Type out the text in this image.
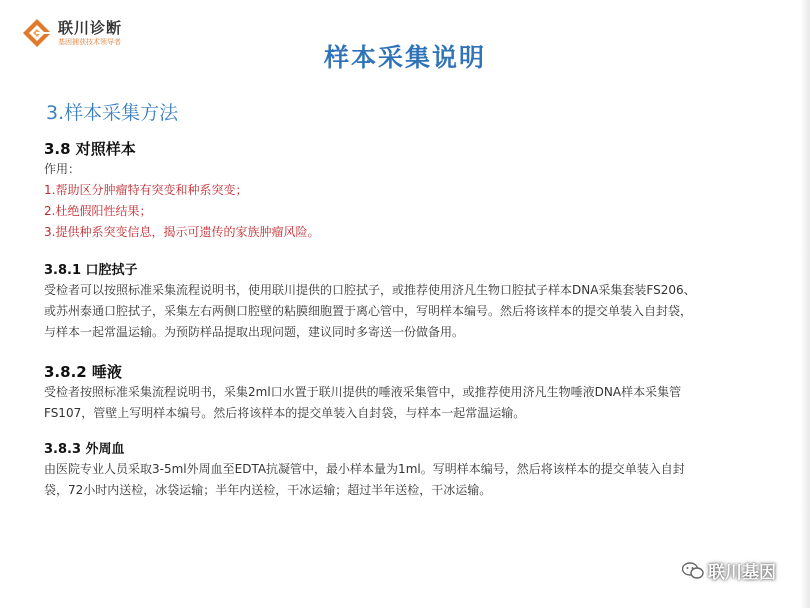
联川诊断
基因捕获技术领导者
样本采集说明
3.样本采集方法
3.8 对照样本
作用：
1.帮助区分肿瘤特有突变和种系突变；
2.杜绝假阳性结果；
3.提供种系突变信息，揭示可遗传的家族肿瘤风险。
3.8.1 口腔拭子
受检者可以按照标准采集流程说明书，使用联川提供的口腔拭子，或推荐使用济凡生物口腔拭子样本DNA采集套装FS206、
或苏州泰通口腔拭子，采集左右两侧口腔壁的粘膜细胞置于离心管中，写明样本编号。然后将该样本的提交单装入自封袋，
与样本一起常温运输。为预防样品提取出现问题，建议同时多寄送一份做备用。
3.8.2 唾液
受检者按照标准采集流程说明书，采集2ml口水置于联川提供的唾液采集管中，或推荐使用济凡生物唾液DNA样本采集管
FS107，管壁上写明样本编号。然后将该样本的提交单装入自封袋，与样本一起常温运输。
3.8.3 外周血
由医院专业人员采取3-5ml外周血至EDTA抗凝管中，最小样本量为1ml。写明样本编号，然后将该样本的提交单装入自封
袋，72小时内送检，冰袋运输；半年内送检，干冰运输；超过半年送检，干冰运输。
联川基因
